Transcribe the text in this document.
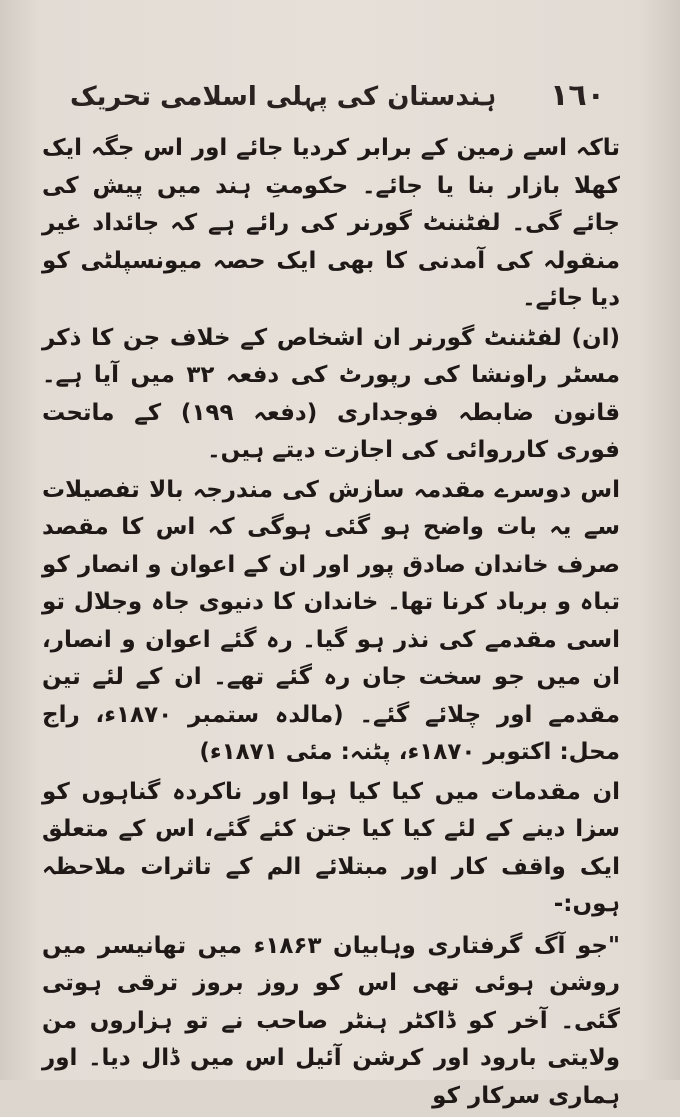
ہندستان کی پہلی اسلامی تحریک ١٦٠

تاکہ اسے زمین کے برابر کردیا جائے اور اس جگہ ایک کھلا بازار بنا یا جائے۔ حکومتِ ہند میں پیش کی جائے گی۔ لفٹننٹ گورنر کی رائے ہے کہ جائداد غیر منقولہ کی آمدنی کا بھی ایک حصہ میونسپلٹی کو دیا جائے۔

(ان) لفٹننٹ گورنر ان اشخاص کے خلاف جن کا ذکر مسٹر راونشا کی رپورٹ کی دفعہ ۳۲ میں آیا ہے۔ قانون ضابطہ فوجداری (دفعہ ۱۹۹) کے ماتحت فوری کارروائی کی اجازت دیتے ہیں۔

اس دوسرے مقدمہ سازش کی مندرجہ بالا تفصیلات سے یہ بات واضح ہو گئی ہوگی کہ اس کا مقصد صرف خاندان صادق پور اور ان کے اعوان و انصار کو تباہ و برباد کرنا تھا۔ خاندان کا دنیوی جاہ وجلال تو اسی مقدمے کی نذر ہو گیا۔ رہ گئے اعوان و انصار، ان میں جو سخت جان رہ گئے تھے۔ ان کے لئے تین مقدمے اور چلائے گئے۔ (مالدہ ستمبر ۱۸۷۰ء، راج محل: اکتوبر ۱۸۷۰ء، پٹنہ: مئی ۱۸۷۱ء)

ان مقدمات میں کیا کیا ہوا اور ناکردہ گناہوں کو سزا دینے کے لئے کیا کیا جتن کئے گئے، اس کے متعلق ایک واقف کار اور مبتلائے الم کے تاثرات ملاحظہ ہوں:-

"جو آگ گرفتاری وہابیان ۱۸۶۳ء میں تھانیسر میں روشن ہوئی تھی اس کو روز بروز ترقی ہوتی گئی۔ آخر کو ڈاکٹر ہنٹر صاحب نے تو ہزاروں من ولایتی بارود اور کرشن آئیل اس میں ڈال دیا۔ اور ہماری سرکار کو
